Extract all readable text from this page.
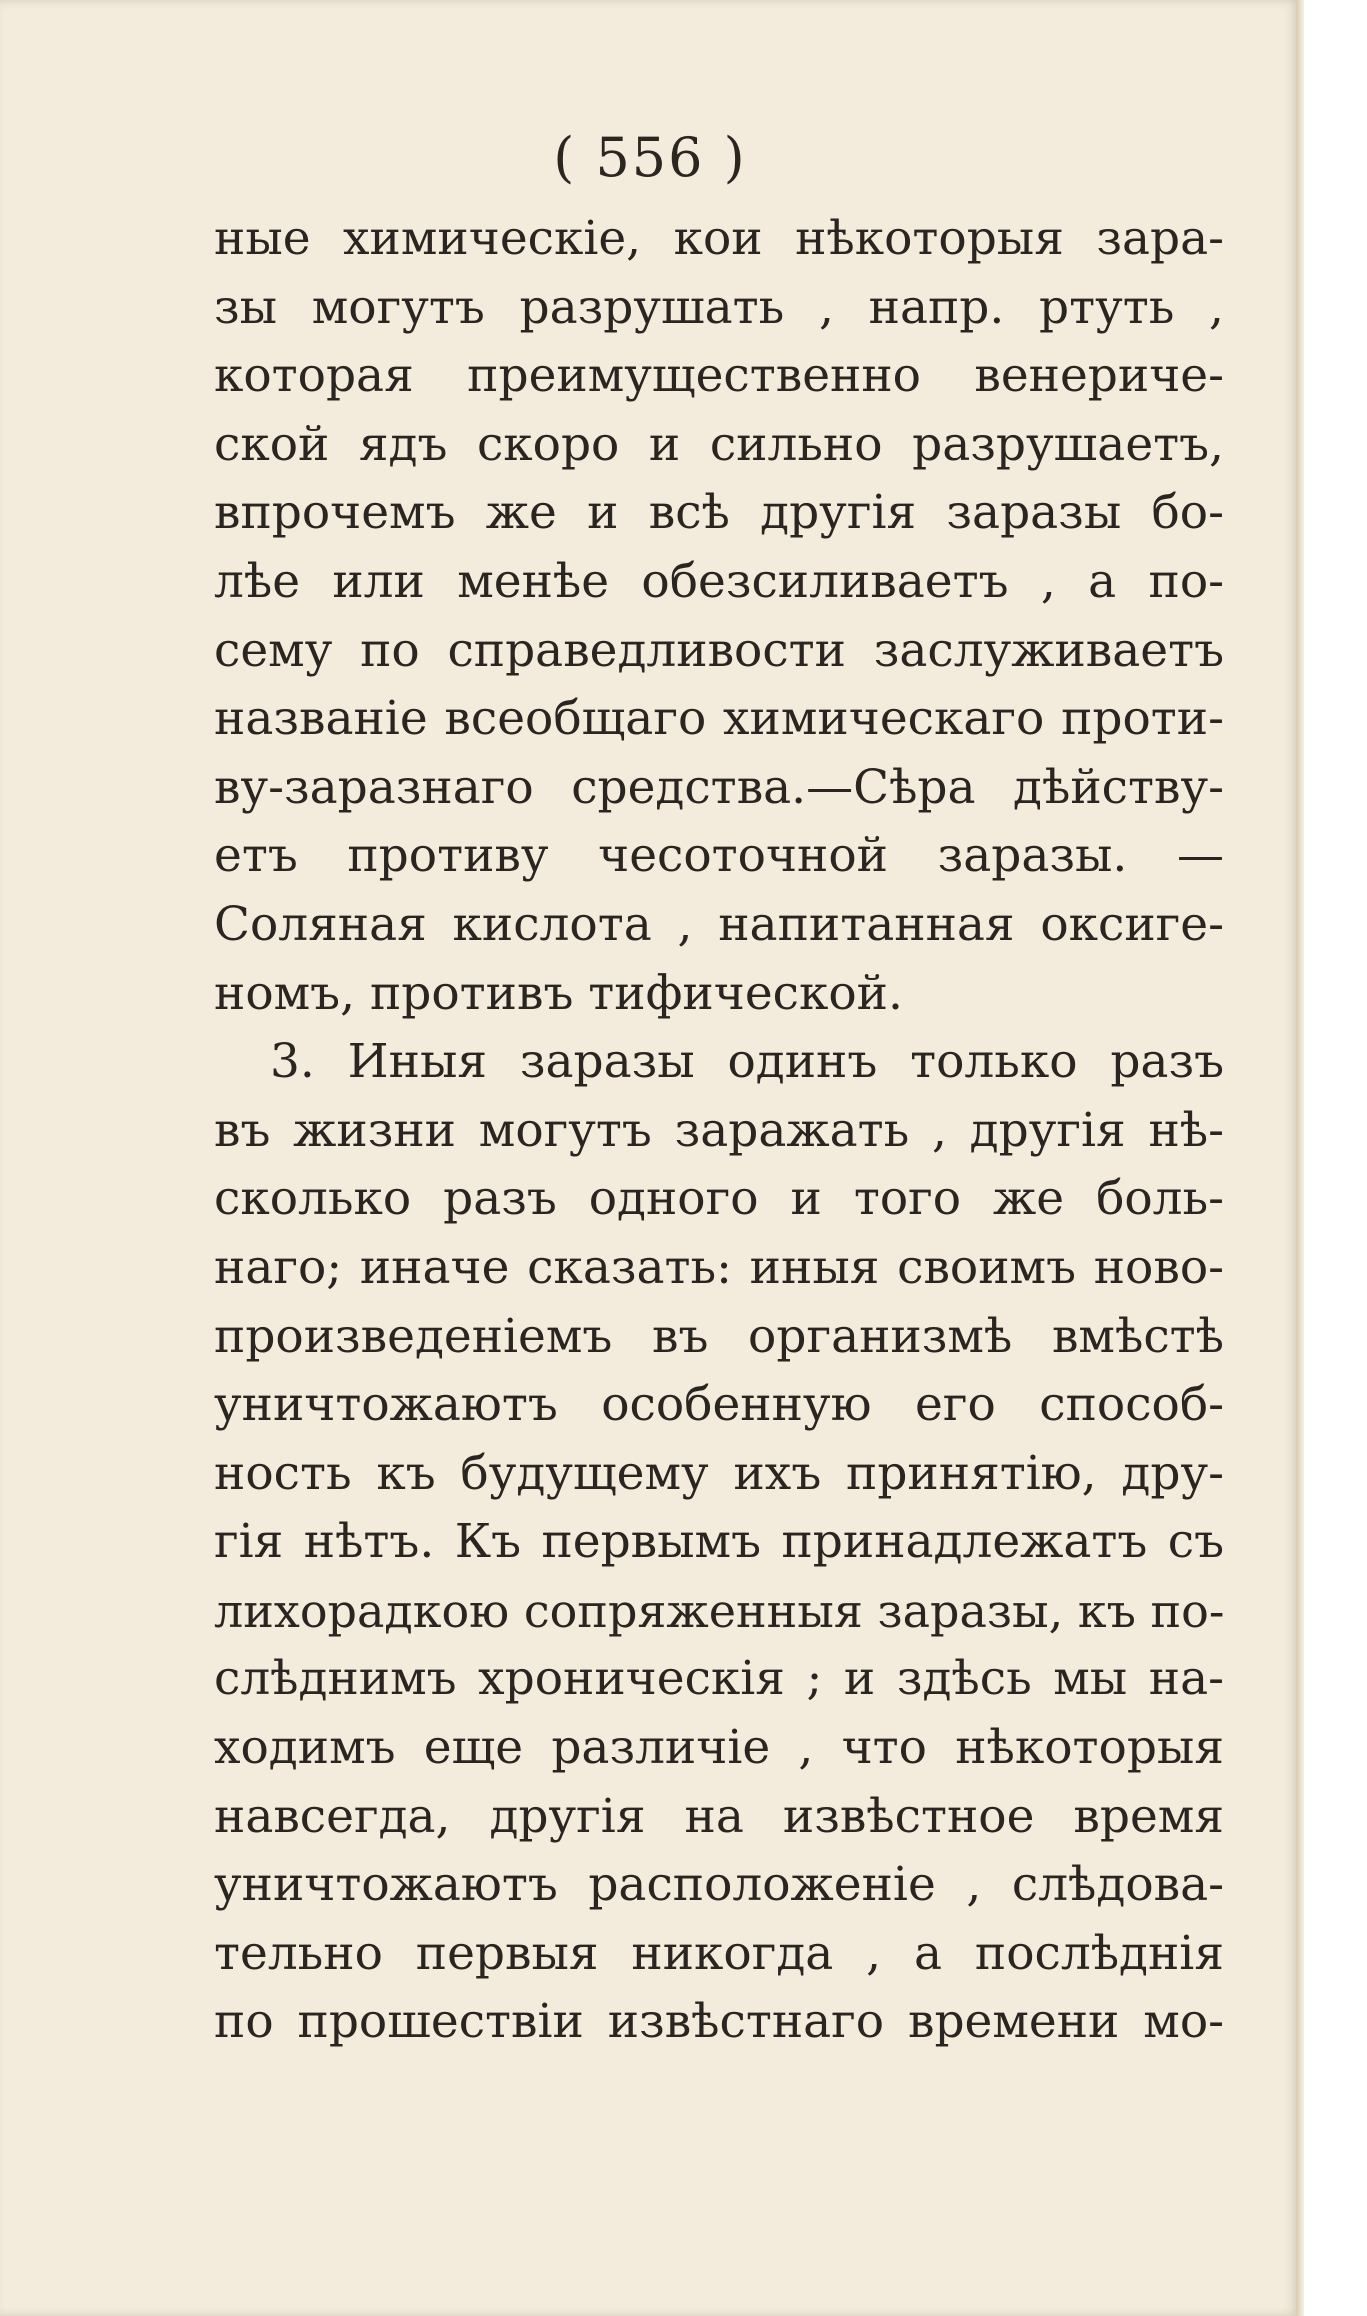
( 556 )
ныe химическiе, кои нѣкоторыя зара-
зы могутъ разрушать , напр. ртуть ,
которая преимущественно венериче-
ской ядъ скоро и сильно разрушаетъ,
впрочемъ же и всѣ другiя заразы бо-
лѣе или менѣе обезсиливаетъ , а по-
сему по справедливости заслуживаетъ
названiе всеобщаго химическаго проти-
ву-заразнаго средства.—Сѣра дѣйству-
етъ противу чесоточной заразы. —
Соляная кислота , напитанная оксиге-
номъ, противъ тифической.
3. Иныя заразы одинъ только разъ
въ жизни могутъ заражать , другiя нѣ-
сколько разъ одного и того же боль-
наго; иначе сказать: иныя своимъ ново-
произведенiемъ въ организмѣ вмѣстѣ
уничтожаютъ особенную его способ-
ность къ будущему ихъ принятiю, дру-
гiя нѣтъ. Къ первымъ принадлежатъ съ
лихорадкою сопряженныя заразы, къ по-
слѣднимъ хроническiя ; и здѣсь мы на-
ходимъ еще различiе , что нѣкоторыя
навсегда, другiя на извѣстное время
уничтожаютъ расположенiе , слѣдова-
тельно первыя никогда , а послѣднiя
по прошествiи извѣстнаго времени мо-
